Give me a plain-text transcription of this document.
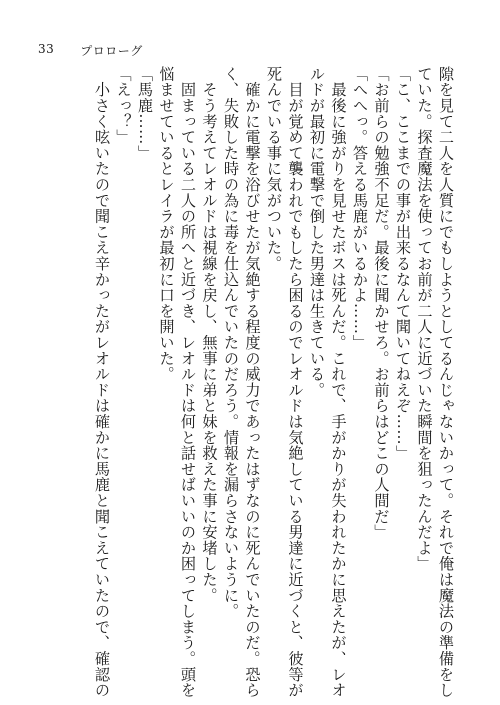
33 プロローグ

隙を見て二人を人質にでもしようとしてるんじゃないかって。それで俺は魔法の準備をし

ていた。探査魔法を使ってお前が二人に近づいた瞬間を狙ったんだよ」

「こ、ここまでの事が出来るなんて聞いてねえぞ……」

「お前らの勉強不足だ。最後に聞かせろ。お前らはどこの人間だ」

「へへっ。答える馬鹿がいるかよ……」

　最後に強がりを見せたボスは死んだ。これで、手がかりが失われたかに思えたが、レオ

ルドが最初に電撃で倒した男達は生きている。

　目が覚めて襲われでもしたら困るのでレオルドは気絶している男達に近づくと、彼等が

死んでいる事に気がついた。

　確かに電撃を浴びせたが気絶する程度の威力であったはずなのに死んでいたのだ。恐ら

く、失敗した時の為に毒を仕込んでいたのだろう。情報を漏らさないように。

　そう考えてレオルドは視線を戻し、無事に弟と妹を救えた事に安堵した。

　固まっている二人の所へと近づき、レオルドは何と話せばいいのか困ってしまう。頭を

悩ませているとレイラが最初に口を開いた。

「馬鹿……」

「えっ？」

　小さく呟いたので聞こえ辛かったがレオルドは確かに馬鹿と聞こえていたので、確認の
